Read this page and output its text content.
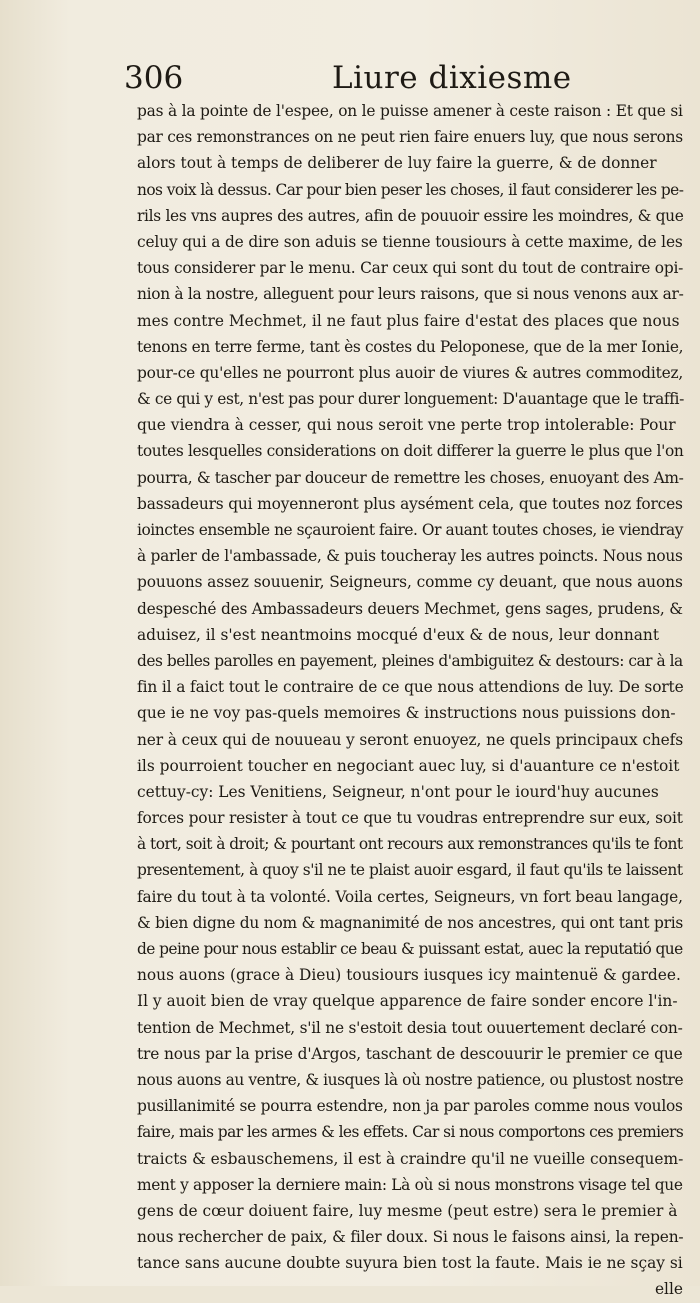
306	Liure dixiesme
pas à la pointe de l'espee, on le puisse amener à ceste raison : Et que si
par ces remonstrances on ne peut rien faire enuers luy, que nous serons
alors tout à temps de deliberer de luy faire la guerre, & de donner
nos voix là dessus. Car pour bien peser les choses, il faut considerer les pe-
rils les vns aupres des autres, afin de pouuoir essire les moindres, & que
celuy qui a de dire son aduis se tienne tousiours à cette maxime, de les
tous considerer par le menu. Car ceux qui sont du tout de contraire opi-
nion à la nostre, alleguent pour leurs raisons, que si nous venons aux ar-
mes contre Mechmet, il ne faut plus faire d'estat des places que nous
tenons en terre ferme, tant ès costes du Peloponese, que de la mer Ionie,
pour-ce qu'elles ne pourront plus auoir de viures & autres commoditez,
& ce qui y est, n'est pas pour durer longuement: D'auantage que le traffi-
que viendra à cesser, qui nous seroit vne perte trop intolerable: Pour
toutes lesquelles considerations on doit differer la guerre le plus que l'on
pourra, & tascher par douceur de remettre les choses, enuoyant des Am-
bassadeurs qui moyenneront plus aysément cela, que toutes noz forces
ioinctes ensemble ne sçauroient faire. Or auant toutes choses, ie viendray
à parler de l'ambassade, & puis toucheray les autres poincts. Nous nous
pouuons assez souuenir, Seigneurs, comme cy deuant, que nous auons
despesché des Ambassadeurs deuers Mechmet, gens sages, prudens, &
aduisez, il s'est neantmoins mocqué d'eux & de nous, leur donnant
des belles parolles en payement, pleines d'ambiguitez & destours: car à la
fin il a faict tout le contraire de ce que nous attendions de luy. De sorte
que ie ne voy pas-quels memoires & instructions nous puissions don-
ner à ceux qui de nouueau y seront enuoyez, ne quels principaux chefs
ils pourroient toucher en negociant auec luy, si d'auanture ce n'estoit
cettuy-cy: Les Venitiens, Seigneur, n'ont pour le iourd'huy aucunes
forces pour resister à tout ce que tu voudras entreprendre sur eux, soit
à tort, soit à droit; & pourtant ont recours aux remonstrances qu'ils te font
presentement, à quoy s'il ne te plaist auoir esgard, il faut qu'ils te laissent
faire du tout à ta volonté. Voila certes, Seigneurs, vn fort beau langage,
& bien digne du nom & magnanimité de nos ancestres, qui ont tant pris
de peine pour nous establir ce beau & puissant estat, auec la reputatió que
nous auons (grace à Dieu) tousiours iusques icy maintenuë & gardee.
Il y auoit bien de vray quelque apparence de faire sonder encore l'in-
tention de Mechmet, s'il ne s'estoit desia tout ouuertement declaré con-
tre nous par la prise d'Argos, taschant de descouurir le premier ce que
nous auons au ventre, & iusques là où nostre patience, ou plustost nostre
pusillanimité se pourra estendre, non ja par paroles comme nous voulos
faire, mais par les armes & les effets. Car si nous comportons ces premiers
traicts & esbauschemens, il est à craindre qu'il ne vueille consequem-
ment y apposer la derniere main: Là où si nous monstrons visage tel que
gens de cœur doiuent faire, luy mesme (peut estre) sera le premier à
nous rechercher de paix, & filer doux. Si nous le faisons ainsi, la repen-
tance sans aucune doubte suyura bien tost la faute. Mais ie ne sçay si
elle
